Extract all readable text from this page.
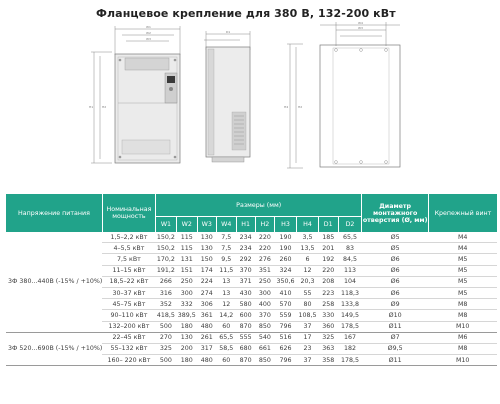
Фланцевое крепление для 380 В, 132-200 кВт
W1
W2
W3
H1	H2
D1
W4
W3
H4	H2
Напряжение питания	Номинальная мощность	Размеры (мм)										Диаметр монтажного отверстия (Ø, мм)	Крепежный винт
		W1	W2	W3	W4	H1	H2	H3	H4	D1	D2		
3Ф 380...440В (-15% / +10%)	1,5–2,2 кВт	150,2	115	130	7,5	234	220	190	3,5	185	65,5	Ø5	M4
	4–5,5 кВт	150,2	115	130	7,5	234	220	190	13,5	201	83	Ø5	M4
	7,5 кВт	170,2	131	150	9,5	292	276	260	6	192	84,5	Ø6	M5
	11–15 кВт	191,2	151	174	11,5	370	351	324	12	220	113	Ø6	M5
	18,5–22 кВт	266	250	224	13	371	250	350,6	20,3	208	104	Ø6	M5
	30–37 кВт	316	300	274	13	430	300	410	55	223	118,3	Ø6	M5
	45–75 кВт	352	332	306	12	580	400	570	80	258	133,8	Ø9	M8
	90–110 кВт	418,5	389,5	361	14,2	600	370	559	108,5	330	149,5	Ø10	M8
	132–200 кВт	500	180	480	60	870	850	796	37	360	178,5	Ø11	M10
3Ф 520...690В (-15% / +10%)	22–45 кВт	270	130	261	65,5	555	540	516	17	325	167	Ø7	M6
	55–132 кВт	325	200	317	58,5	680	661	626	23	363	182	Ø9,5	M8
	160– 220 кВт	500	180	480	60	870	850	796	37	358	178,5	Ø11	M10
